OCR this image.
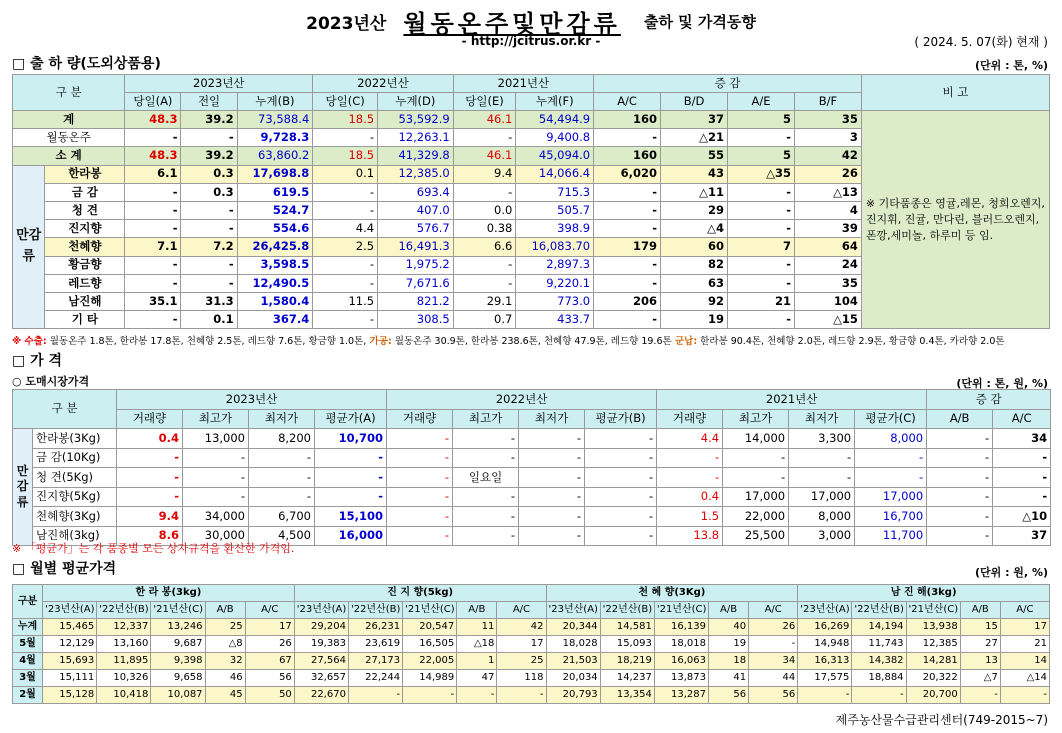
2023년산 월동온주및만감류 출하 및 가격동향
- http://jcitrus.or.kr -	( 2024. 5. 07(화) 현재 )
□ 출 하 량(도외상품용)	(단위 : 톤, %)
구 분		2023년산			2022년산		2021년산		증 감				비 고
		당일(A)	전일	누계(B)	당일(C)	누계(D)	당일(E)	누계(F)	A/C	B/D	A/E	B/F	
계		48.3	39.2	73,588.4	18.5	53,592.9	46.1	54,494.9	160	37	5	35	※ 기타품종은 영귤,레몬, 청희오렌지, 진지휘, 진귤, 만다린, 블러드오렌지, 폰깡,세미놀, 하루미 등 임.
월동온주		-	-	9,728.3	-	12,263.1	-	9,400.8	-	△21	-	3	
소 계		48.3	39.2	63,860.2	18.5	41,329.8	46.1	45,094.0	160	55	5	42	
만감류	한라봉	6.1	0.3	17,698.8	0.1	12,385.0	9.4	14,066.4	6,020	43	△35	26	
	금 감	-	0.3	619.5	-	693.4	-	715.3	-	△11	-	△13	
	청 견	-	-	524.7	-	407.0	0.0	505.7	-	29	-	4	
	진지향	-	-	554.6	4.4	576.7	0.38	398.9	-	△4	-	39	
	천혜향	7.1	7.2	26,425.8	2.5	16,491.3	6.6	16,083.70	179	60	7	64	
	황금향	-	-	3,598.5	-	1,975.2	-	2,897.3	-	82	-	24	
	레드향	-	-	12,490.5	-	7,671.6	-	9,220.1	-	63	-	35	
	남진해	35.1	31.3	1,580.4	11.5	821.2	29.1	773.0	206	92	21	104	
	기 타	-	0.1	367.4	-	308.5	0.7	433.7	-	19	-	△15	
※ 수출: 월동온주 1.8톤, 한라봉 17.8톤, 천혜향 2.5톤, 레드향 7.6톤, 황금향 1.0톤, 가공: 월동온주 30.9톤, 한라봉 238.6톤, 천혜향 47.9톤, 레드향 19.6톤 군납: 한라봉 90.4톤, 천혜향 2.0톤, 레드향 2.9톤, 황금향 0.4톤, 카라향 2.0톤
□ 가 격
○ 도매시장가격	(단위 : 톤, 원, %)
구 분		2023년산				2022년산				2021년산				증 감	
		거래량	최고가	최저가	평균가(A)	거래량	최고가	최저가	평균가(B)	거래량	최고가	최저가	평균가(C)	A/B	A/C
만감류	한라봉(3Kg)	0.4	13,000	8,200	10,700	-	-	-	-	4.4	14,000	3,300	8,000	-	34
	금 감(10Kg)	-	-	-	-	-	-	-	-	-	-	-	-	-	-
	청 견(5Kg)	-	-	-	-	-	일요일	-	-	-	-	-	-	-	-
	진지향(5Kg)	-	-	-	-	-	-	-	-	0.4	17,000	17,000	17,000	-	-
	천혜향(3Kg)	9.4	34,000	6,700	15,100	-	-	-	-	1.5	22,000	8,000	16,700	-	△10
	남진해(3kg)	8.6	30,000	4,500	16,000	-	-	-	-	13.8	25,500	3,000	11,700	-	37
※ 「평균가」는 각 품종별 모든 상자규격을 환산한 가격임.
□ 월별 평균가격	(단위 : 원, %)
구분	한 라 봉(3kg)					진 지 향(5kg)					천 혜 향(3Kg)					남 진 해(3kg)				
	'23년산(A)	'22년산(B)	'21년산(C)	A/B	A/C	'23년산(A)	'22년산(B)	'21년산(C)	A/B	A/C	'23년산(A)	'22년산(B)	'21년산(C)	A/B	A/C	'23년산(A)	'22년산(B)	'21년산(C)	A/B	A/C
누계	15,465	12,337	13,246	25	17	29,204	26,231	20,547	11	42	20,344	14,581	16,139	40	26	16,269	14,194	13,938	15	17
5월	12,129	13,160	9,687	△8	26	19,383	23,619	16,505	△18	17	18,028	15,093	18,018	19	-	14,948	11,743	12,385	27	21
4월	15,693	11,895	9,398	32	67	27,564	27,173	22,005	1	25	21,503	18,219	16,063	18	34	16,313	14,382	14,281	13	14
3월	15,111	10,326	9,658	46	56	32,657	22,244	14,989	47	118	20,034	14,237	13,873	41	44	17,575	18,884	20,322	△7	△14
2월	15,128	10,418	10,087	45	50	22,670	-	-	-	-	20,793	13,354	13,287	56	56	-	-	20,700	-	-
제주농산물수급관리센터(749-2015~7)
